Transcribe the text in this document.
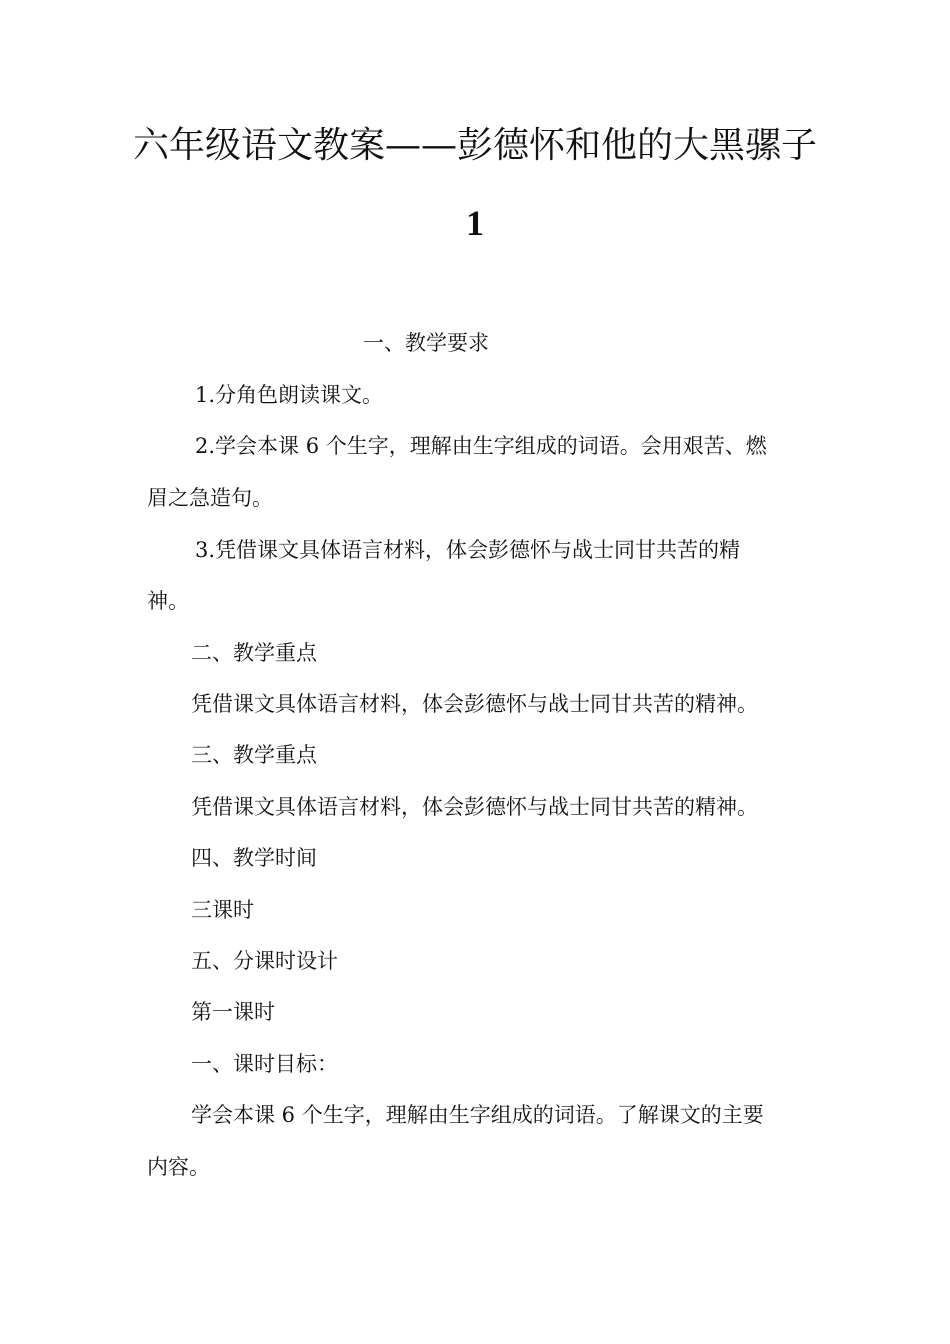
六年级语文教案——彭德怀和他的大黑骡子
1
一、教学要求
1.分角色朗读课文。
2.学会本课 6 个生字，理解由生字组成的词语。会用艰苦、燃
眉之急造句。
3.凭借课文具体语言材料，体会彭德怀与战士同甘共苦的精
神。
二、教学重点
凭借课文具体语言材料，体会彭德怀与战士同甘共苦的精神。
三、教学重点
凭借课文具体语言材料，体会彭德怀与战士同甘共苦的精神。
四、教学时间
三课时
五、分课时设计
第一课时
一、课时目标：
学会本课 6 个生字，理解由生字组成的词语。了解课文的主要
内容。
